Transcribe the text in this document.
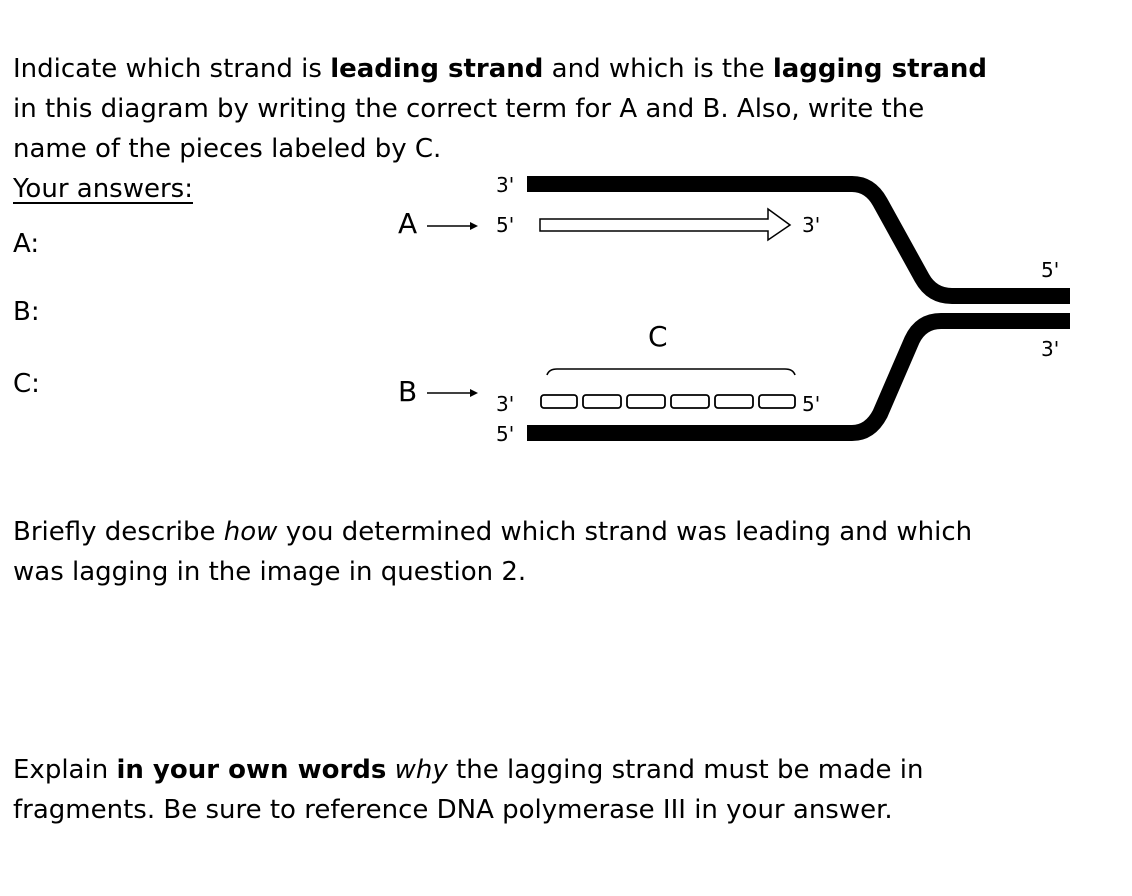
Indicate which strand is leading strand and which is the lagging strand in this diagram by writing the correct term for A and B. Also, write the name of the pieces labeled by C.

Your answers:
A:
B:
C:
A
B
C
3'
5'	3'
3'	5'
5'
5'
3'

Briefly describe how you determined which strand was leading and which was lagging in the image in question 2.

Explain in your own words why the lagging strand must be made in fragments. Be sure to reference DNA polymerase III in your answer.
